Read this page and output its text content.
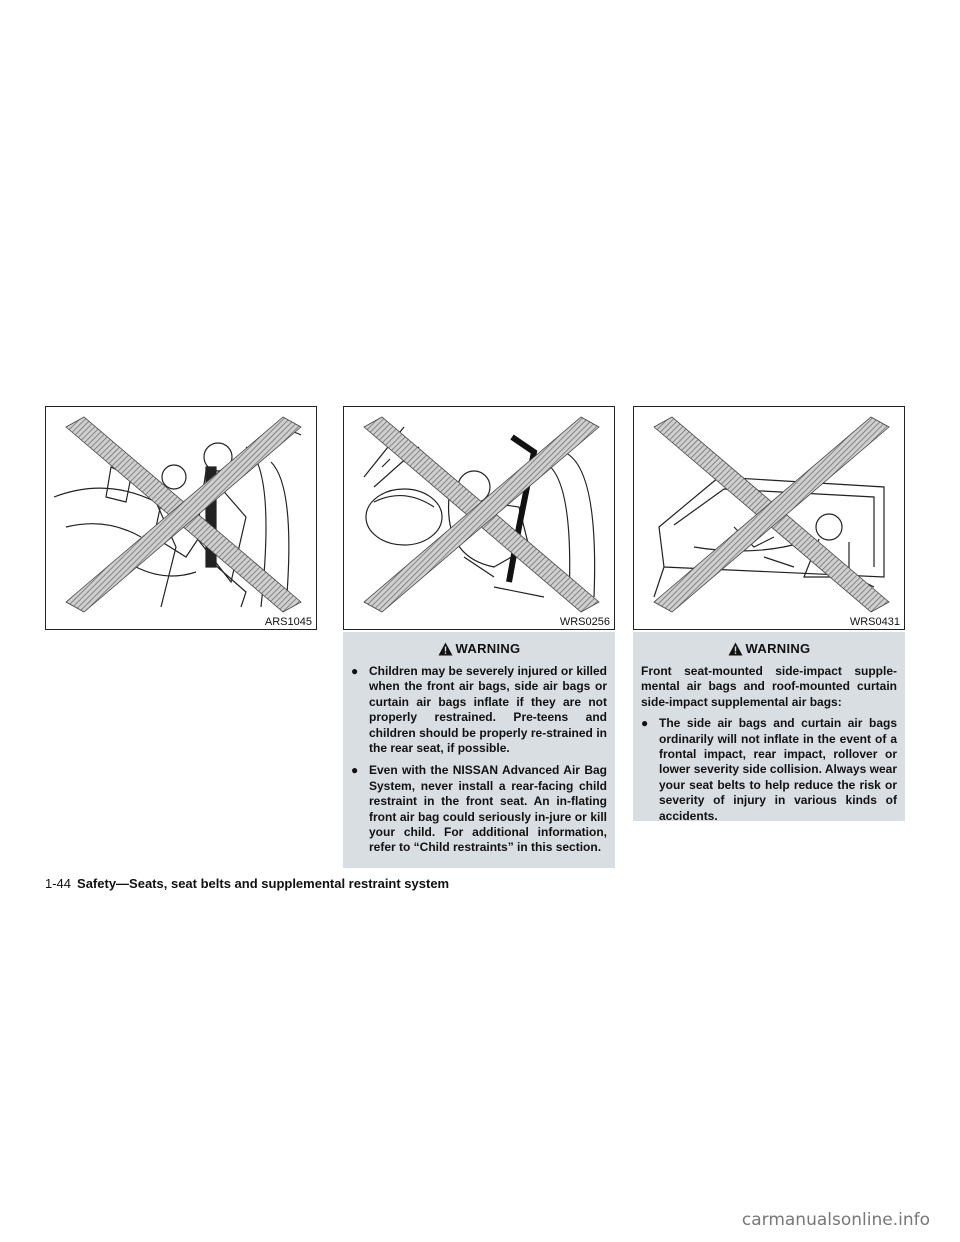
ARS1045	WRS0256	WRS0431
WARNING
● Children may be severely injured or killed when the front air bags, side air bags or curtain air bags inflate if they are not properly restrained. Pre-teens and children should be properly re-strained in the rear seat, if possible.
● Even with the NISSAN Advanced Air Bag System, never install a rear-facing child restraint in the front seat. An in-flating front air bag could seriously in-jure or kill your child. For additional information, refer to “Child restraints” in this section.
WARNING

Front seat-mounted side-impact supple-mental air bags and roof-mounted curtain side-impact supplemental air bags:

● The side air bags and curtain air bags ordinarily will not inflate in the event of a frontal impact, rear impact, rollover or lower severity side collision. Always wear your seat belts to help reduce the risk or severity of injury in various kinds of accidents.
1-44 Safety—Seats, seat belts and supplemental restraint system
carmanualsonline.info
